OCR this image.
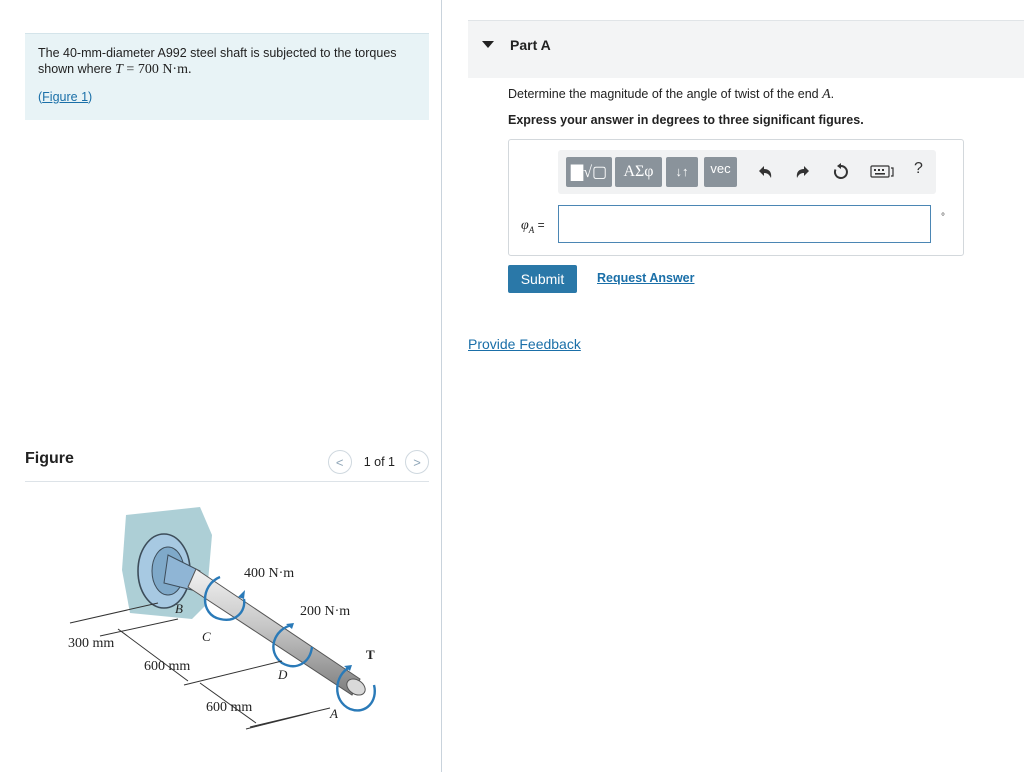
The 40-mm-diameter A992 steel shaft is subjected to the torques shown where T = 700 N·m.
(Figure 1)
Figure	<	1 of 1	>
400 N·m
200 N·m
T
300 mm
600 mm
600 mm
B
C
D
A
Part A
Determine the magnitude of the angle of twist of the end A.
Express your answer in degrees to three significant figures.
▇√▢	ΑΣφ	↓↑	vec	?
$\varphi_A$ =
°
Submit	Request Answer
Provide Feedback
